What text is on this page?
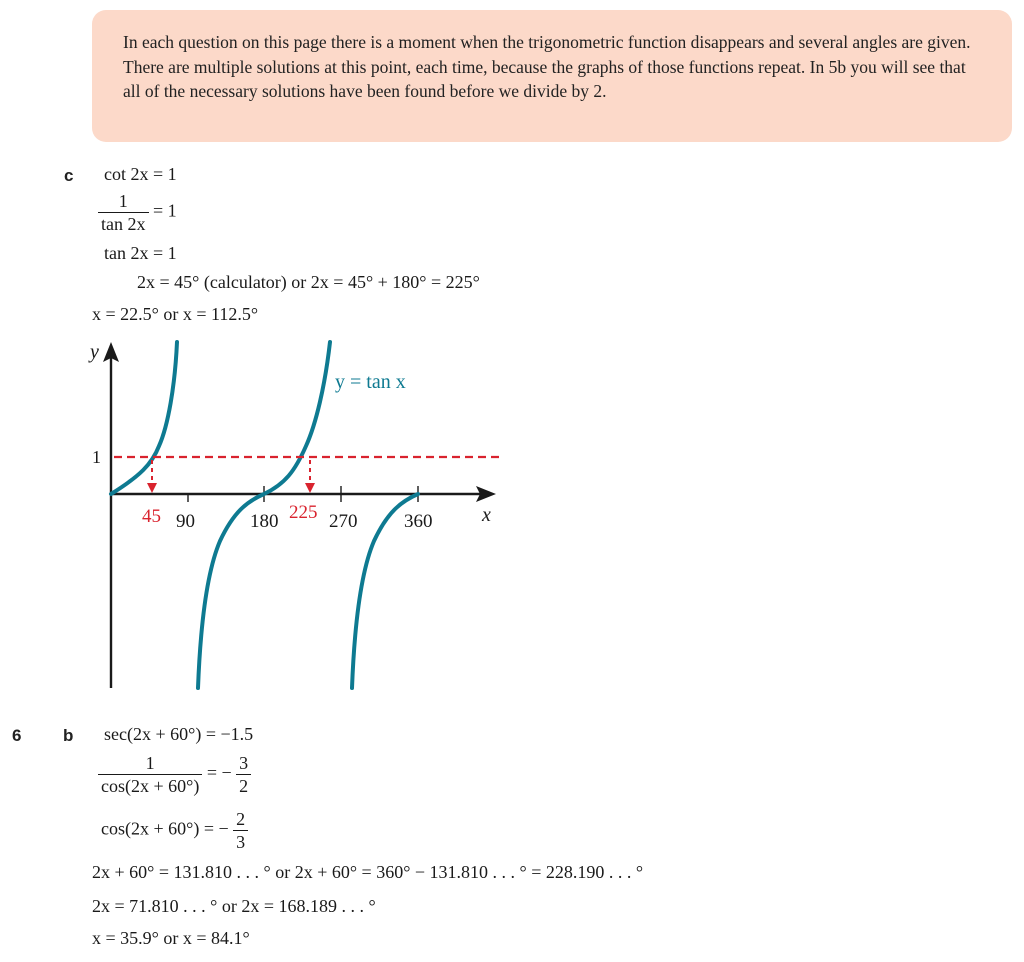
In each question on this page there is a moment when the trigonometric function disappears and several angles are given. There are multiple solutions at this point, each time, because the graphs of those functions repeat. In 5b you will see that all of the necessary solutions have been found before we divide by 2.
c cot 2x = 1
$\frac{1}{\tan 2x} = 1$
tan 2x = 1
2x = 45° (calculator) or 2x = 45° + 180° = 225°
x = 22.5° or x = 112.5°
y
x
1
90	180	270 360
45	225
y = tan x
6 b sec(2x + 60°) = −1.5
$\frac{1}{\cos(2x + 60^\circ)}$ = − $\frac{3}{2}$
cos(2x + 60°) = − $\frac{2}{3}$
2x + 60° = 131.810 . . . ° or 2x + 60° = 360° − 131.810 . . . ° = 228.190 . . . °
2x = 71.810 . . . ° or 2x = 168.189 . . . °
x = 35.9° or x = 84.1°
